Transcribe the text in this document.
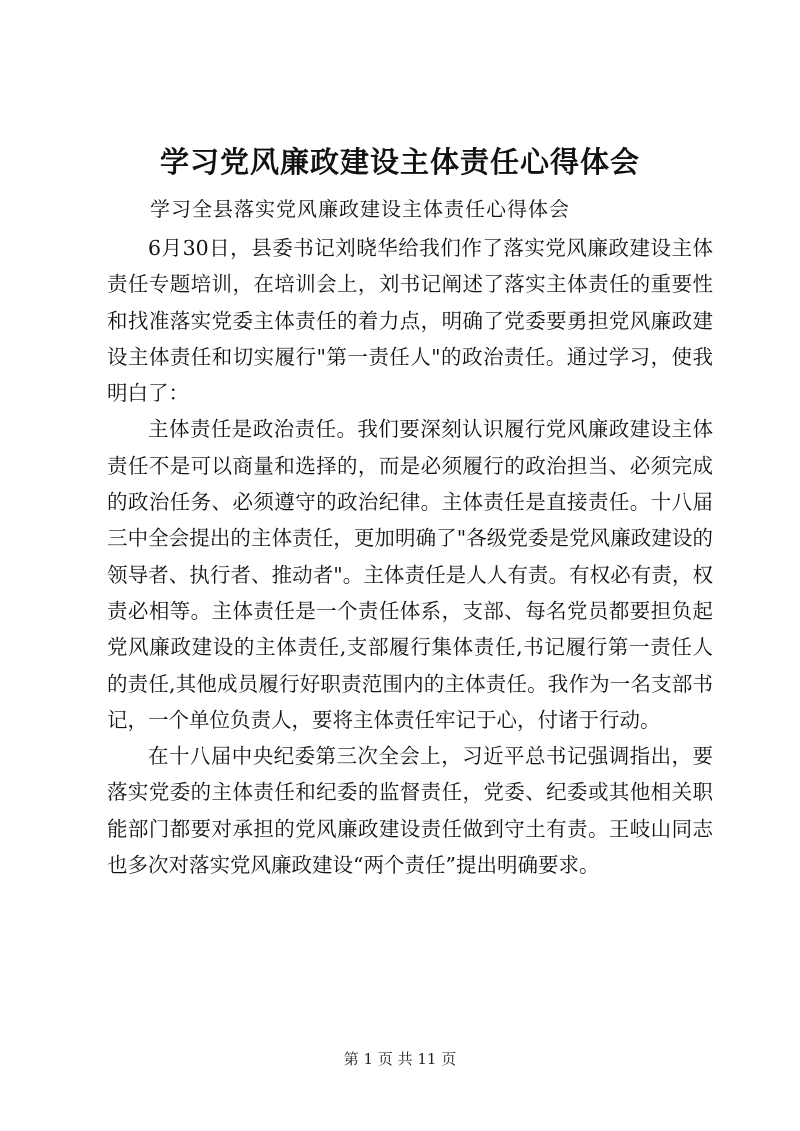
学习党风廉政建设主体责任心得体会
学习全县落实党风廉政建设主体责任心得体会

6月30日，县委书记刘晓华给我们作了落实党风廉政建设主体责任专题培训，在培训会上，刘书记阐述了落实主体责任的重要性和找准落实党委主体责任的着力点，明确了党委要勇担党风廉政建设主体责任和切实履行"第一责任人"的政治责任。通过学习，使我明白了：

主体责任是政治责任。我们要深刻认识履行党风廉政建设主体责任不是可以商量和选择的，而是必须履行的政治担当、必须完成的政治任务、必须遵守的政治纪律。主体责任是直接责任。十八届三中全会提出的主体责任，更加明确了"各级党委是党风廉政建设的领导者、执行者、推动者"。主体责任是人人有责。有权必有责，权责必相等。主体责任是一个责任体系，支部、每名党员都要担负起党风廉政建设的主体责任,支部履行集体责任,书记履行第一责任人的责任,其他成员履行好职责范围内的主体责任。我作为一名支部书记，一个单位负责人，要将主体责任牢记于心，付诸于行动。

在十八届中央纪委第三次全会上，习近平总书记强调指出，要落实党委的主体责任和纪委的监督责任，党委、纪委或其他相关职能部门都要对承担的党风廉政建设责任做到守土有责。王岐山同志也多次对落实党风廉政建设“两个责任”提出明确要求。

第 1 页 共 11 页
